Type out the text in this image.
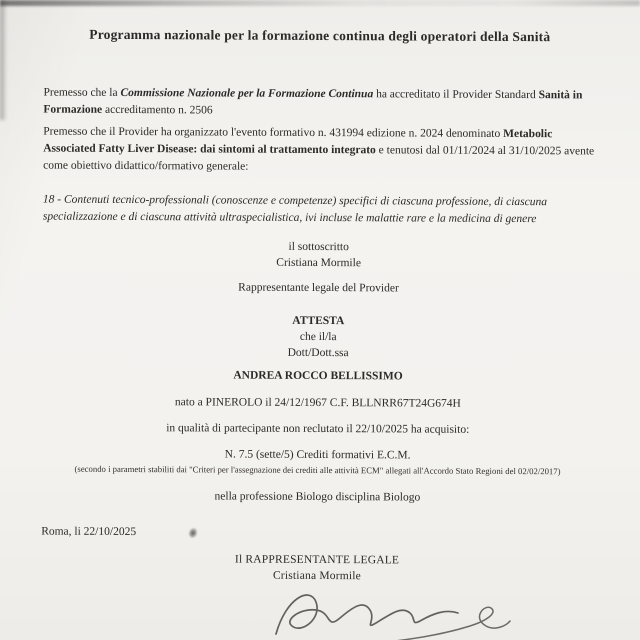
Programma nazionale per la formazione continua degli operatori della Sanità

Premesso che la Commissione Nazionale per la Formazione Continua ha accreditato il Provider Standard Sanità in Formazione accreditamento n. 2506

Premesso che il Provider ha organizzato l'evento formativo n. 431994 edizione n. 2024 denominato Metabolic Associated Fatty Liver Disease: dai sintomi al trattamento integrato e tenutosi dal 01/11/2024 al 31/10/2025 avente come obiettivo didattico/formativo generale:

18 - Contenuti tecnico-professionali (conoscenze e competenze) specifici di ciascuna professione, di ciascuna specializzazione e di ciascuna attività ultraspecialistica, ivi incluse le malattie rare e la medicina di genere

il sottoscritto
Cristiana Mormile

Rappresentante legale del Provider

ATTESTA
che il/la
Dott/Dott.ssa

ANDREA ROCCO BELLISSIMO

nato a PINEROLO il 24/12/1967 C.F. BLLNRR67T24G674H

in qualità di partecipante non reclutato il 22/10/2025 ha acquisito:

N. 7.5 (sette/5) Crediti formativi E.C.M.

(secondo i parametri stabiliti dai "Criteri per l'assegnazione dei crediti alle attività ECM" allegati all'Accordo Stato Regioni del 02/02/2017)

nella professione Biologo disciplina Biologo

Roma, li 22/10/2025

Il RAPPRESENTANTE LEGALE
Cristiana Mormile
